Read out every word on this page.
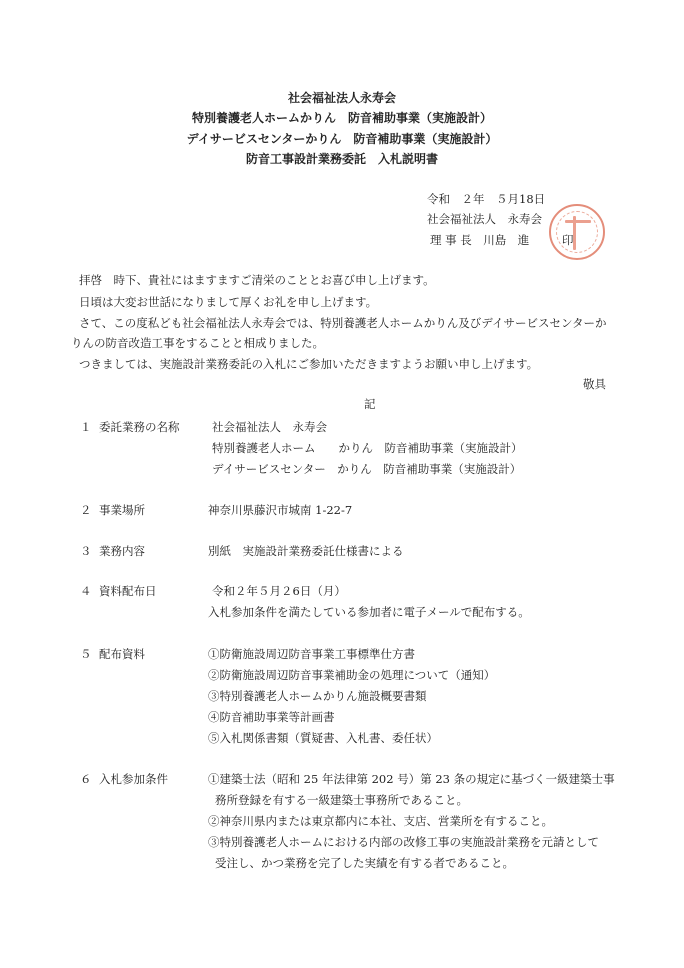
社会福祉法人永寿会
特別養護老人ホームかりん　防音補助事業（実施設計）
デイサービスセンターかりん　防音補助事業（実施設計）
防音工事設計業務委託　入札説明書
令和　２年　５月18日
社会福祉法人　永寿会
理 事 長　川島　進	印
拝啓　時下、貴社にはますますご清栄のこととお喜び申し上げます。
日頃は大変お世話になりまして厚くお礼を申し上げます。
さて、この度私ども社会福祉法人永寿会では、特別養護老人ホームかりん及びデイサービスセンターか
りんの防音改造工事をすることと相成りました。
つきましては、実施設計業務委託の入札にご参加いただきますようお願い申し上げます。
敬具
記
１ 委託業務の名称	社会福祉法人　永寿会
特別養護老人ホーム　　かりん　防音補助事業（実施設計）
デイサービスセンター　かりん　防音補助事業（実施設計）
２ 事業場所	神奈川県藤沢市城南 1-22-7
３ 業務内容	別紙　実施設計業務委託仕様書による
４ 資料配布日	令和２年５月２6日（月）
入札参加条件を満たしている参加者に電子メールで配布する。
５ 配布資料	①防衛施設周辺防音事業工事標準仕方書
②防衛施設周辺防音事業補助金の処理について（通知）
③特別養護老人ホームかりん施設概要書類
④防音補助事業等計画書
⑤入札関係書類（質疑書、入札書、委任状）
６ 入札参加条件	①建築士法（昭和 25 年法律第 202 号）第 23 条の規定に基づく一級建築士事
務所登録を有する一級建築士事務所であること。
②神奈川県内または東京都内に本社、支店、営業所を有すること。
③特別養護老人ホームにおける内部の改修工事の実施設計業務を元請として
受注し、かつ業務を完了した実績を有する者であること。
